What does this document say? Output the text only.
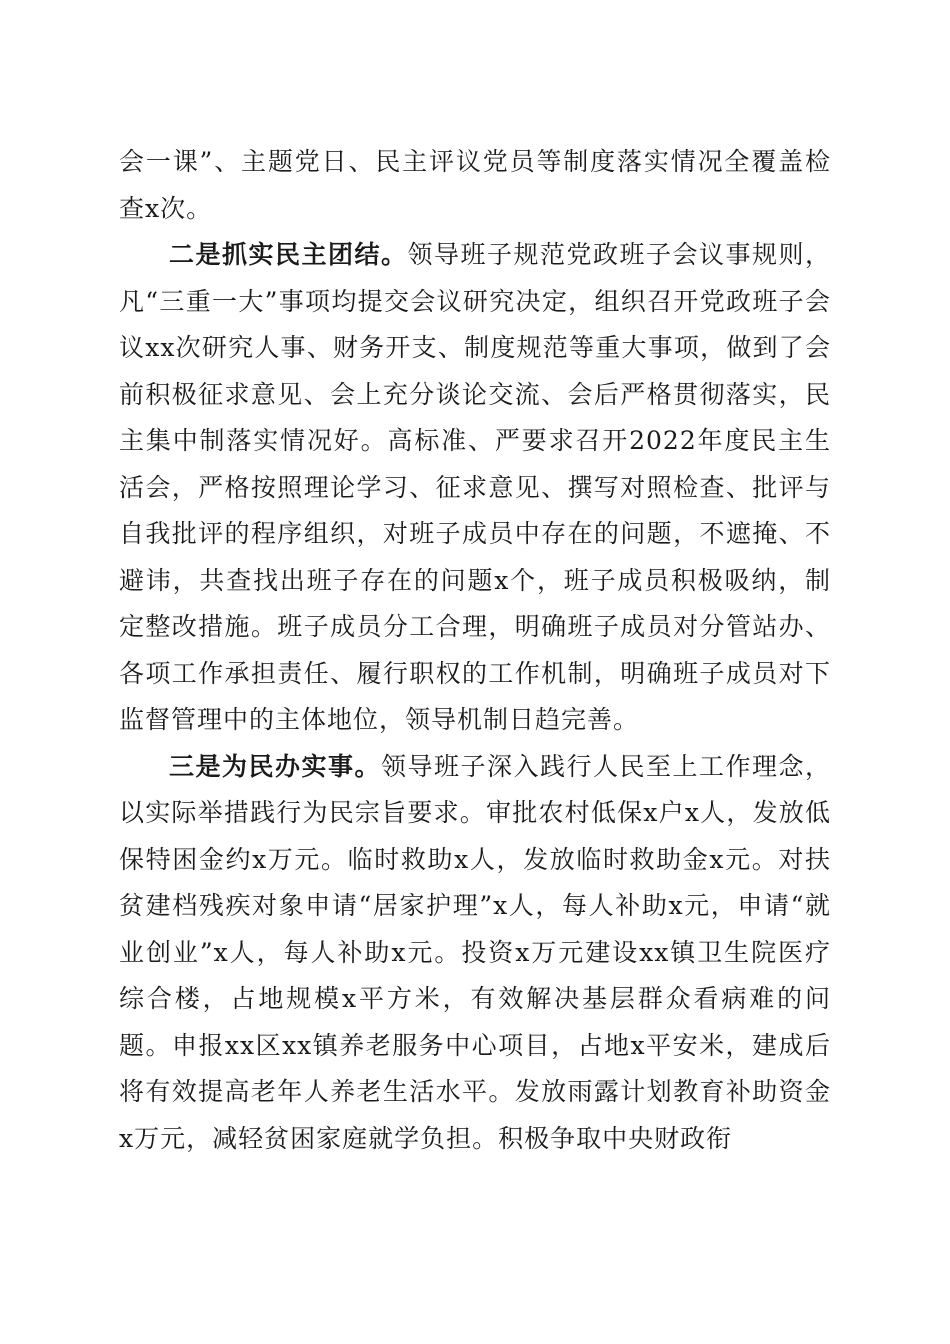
会一课”、主题党日、民主评议党员等制度落实情况全覆盖检查x次。

二是抓实民主团结。领导班子规范党政班子会议事规则，凡“三重一大”事项均提交会议研究决定，组织召开党政班子会议xx次研究人事、财务开支、制度规范等重大事项，做到了会前积极征求意见、会上充分谈论交流、会后严格贯彻落实，民主集中制落实情况好。高标准、严要求召开2022年度民主生活会，严格按照理论学习、征求意见、撰写对照检查、批评与自我批评的程序组织，对班子成员中存在的问题，不遮掩、不避讳，共查找出班子存在的问题x个，班子成员积极吸纳，制定整改措施。班子成员分工合理，明确班子成员对分管站办、各项工作承担责任、履行职权的工作机制，明确班子成员对下监督管理中的主体地位，领导机制日趋完善。

三是为民办实事。领导班子深入践行人民至上工作理念，以实际举措践行为民宗旨要求。审批农村低保x户x人，发放低保特困金约x万元。临时救助x人，发放临时救助金x元。对扶贫建档残疾对象申请“居家护理”x人，每人补助x元，申请“就业创业”x人，每人补助x元。投资x万元建设xx镇卫生院医疗综合楼，占地规模x平方米，有效解决基层群众看病难的问题。申报xx区xx镇养老服务中心项目，占地x平安米，建成后将有效提高老年人养老生活水平。发放雨露计划教育补助资金x万元，减轻贫困家庭就学负担。积极争取中央财政衔
